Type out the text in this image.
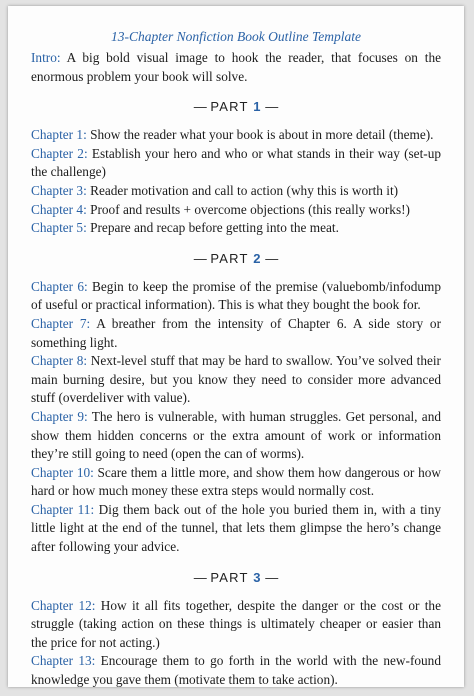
13-Chapter Nonfiction Book Outline Template

Intro: A big bold visual image to hook the reader, that focuses on the enormous problem your book will solve.

— PART 1 —

Chapter 1: Show the reader what your book is about in more detail (theme).

Chapter 2: Establish your hero and who or what stands in their way (set-up the challenge)

Chapter 3: Reader motivation and call to action (why this is worth it)

Chapter 4: Proof and results + overcome objections (this really works!)

Chapter 5: Prepare and recap before getting into the meat.

— PART 2 —

Chapter 6: Begin to keep the promise of the premise (valuebomb/infodump of useful or practical information). This is what they bought the book for.

Chapter 7: A breather from the intensity of Chapter 6. A side story or something light.

Chapter 8: Next-level stuff that may be hard to swallow. You’ve solved their main burning desire, but you know they need to consider more advanced stuff (overdeliver with value).

Chapter 9: The hero is vulnerable, with human struggles. Get personal, and show them hidden concerns or the extra amount of work or information they’re still going to need (open the can of worms).

Chapter 10: Scare them a little more, and show them how dangerous or how hard or how much money these extra steps would normally cost.

Chapter 11: Dig them back out of the hole you buried them in, with a tiny little light at the end of the tunnel, that lets them glimpse the hero’s change after following your advice.

— PART 3 —

Chapter 12: How it all fits together, despite the danger or the cost or the struggle (taking action on these things is ultimately cheaper or easier than the price for not acting.)

Chapter 13: Encourage them to go forth in the world with the new-found knowledge you gave them (motivate them to take action).
